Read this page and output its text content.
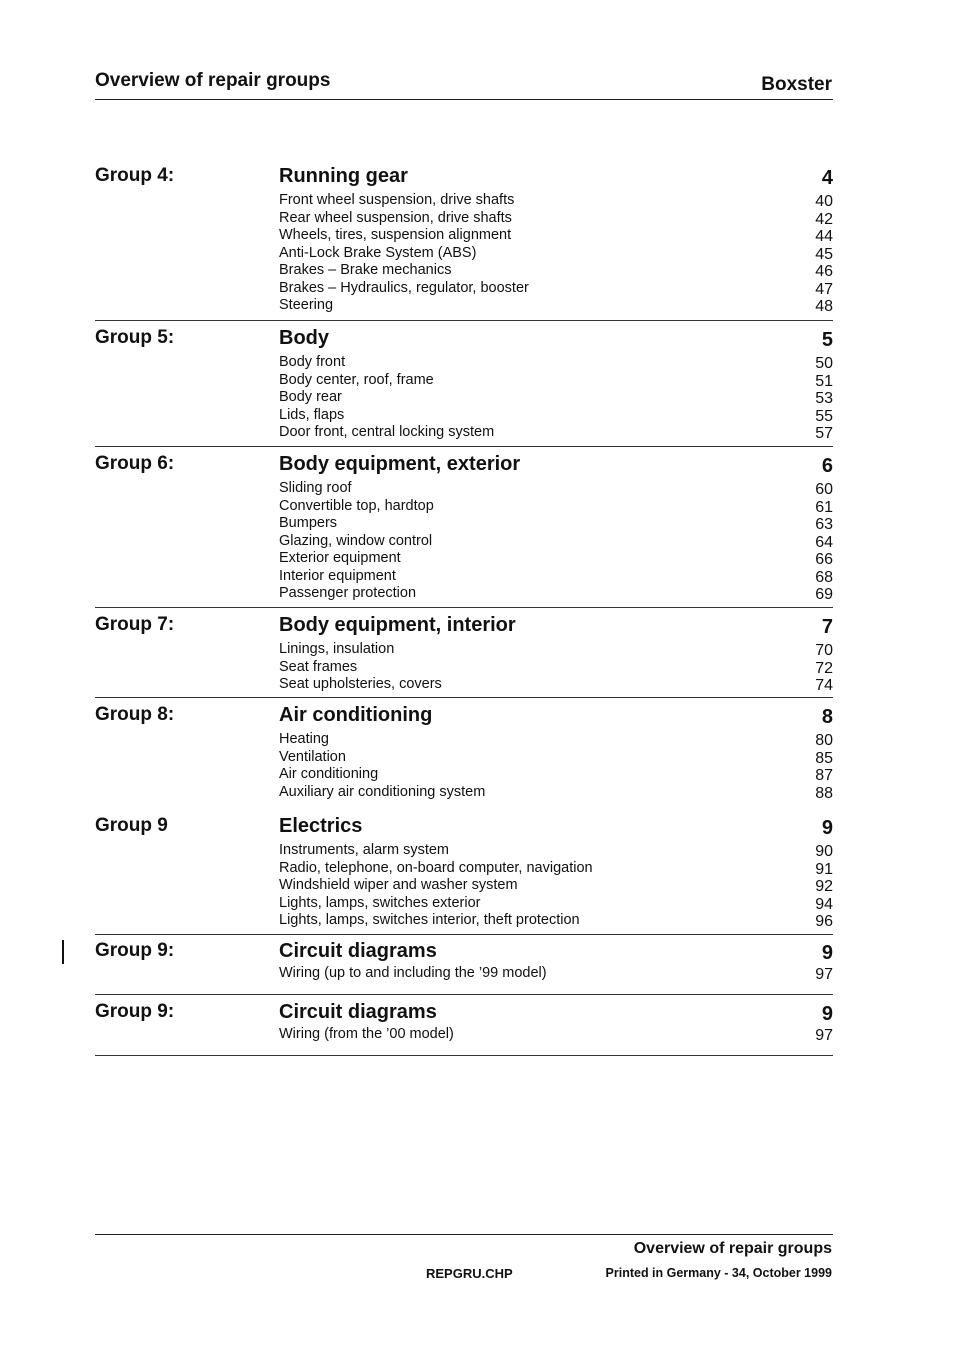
Overview of repair groups	Boxster
Group 4:	Running gear	4
Front wheel suspension, drive shafts	40
Rear wheel suspension, drive shafts	42
Wheels, tires, suspension alignment	44
Anti-Lock Brake System (ABS)	45
Brakes – Brake mechanics	46
Brakes – Hydraulics, regulator, booster	47
Steering	48
Group 5:	Body	5
Body front	50
Body center, roof, frame	51
Body rear	53
Lids, flaps	55
Door front, central locking system	57
Group 6:	Body equipment, exterior	6
Sliding roof	60
Convertible top, hardtop	61
Bumpers	63
Glazing, window control	64
Exterior equipment	66
Interior equipment	68
Passenger protection	69
Group 7:	Body equipment, interior	7
Linings, insulation	70
Seat frames	72
Seat upholsteries, covers	74
Group 8:	Air conditioning	8
Heating	80
Ventilation	85
Air conditioning	87
Auxiliary air conditioning system	88
Group 9	Electrics	9
Instruments, alarm system	90
Radio, telephone, on-board computer, navigation	91
Windshield wiper and washer system	92
Lights, lamps, switches exterior	94
Lights, lamps, switches interior, theft protection	96
Group 9:	Circuit diagrams	9
Wiring (up to and including the ’99 model)	97
Group 9:	Circuit diagrams	9
Wiring (from the ’00 model)	97
Overview of repair groups
REPGRU.CHP	Printed in Germany - 34, October 1999
